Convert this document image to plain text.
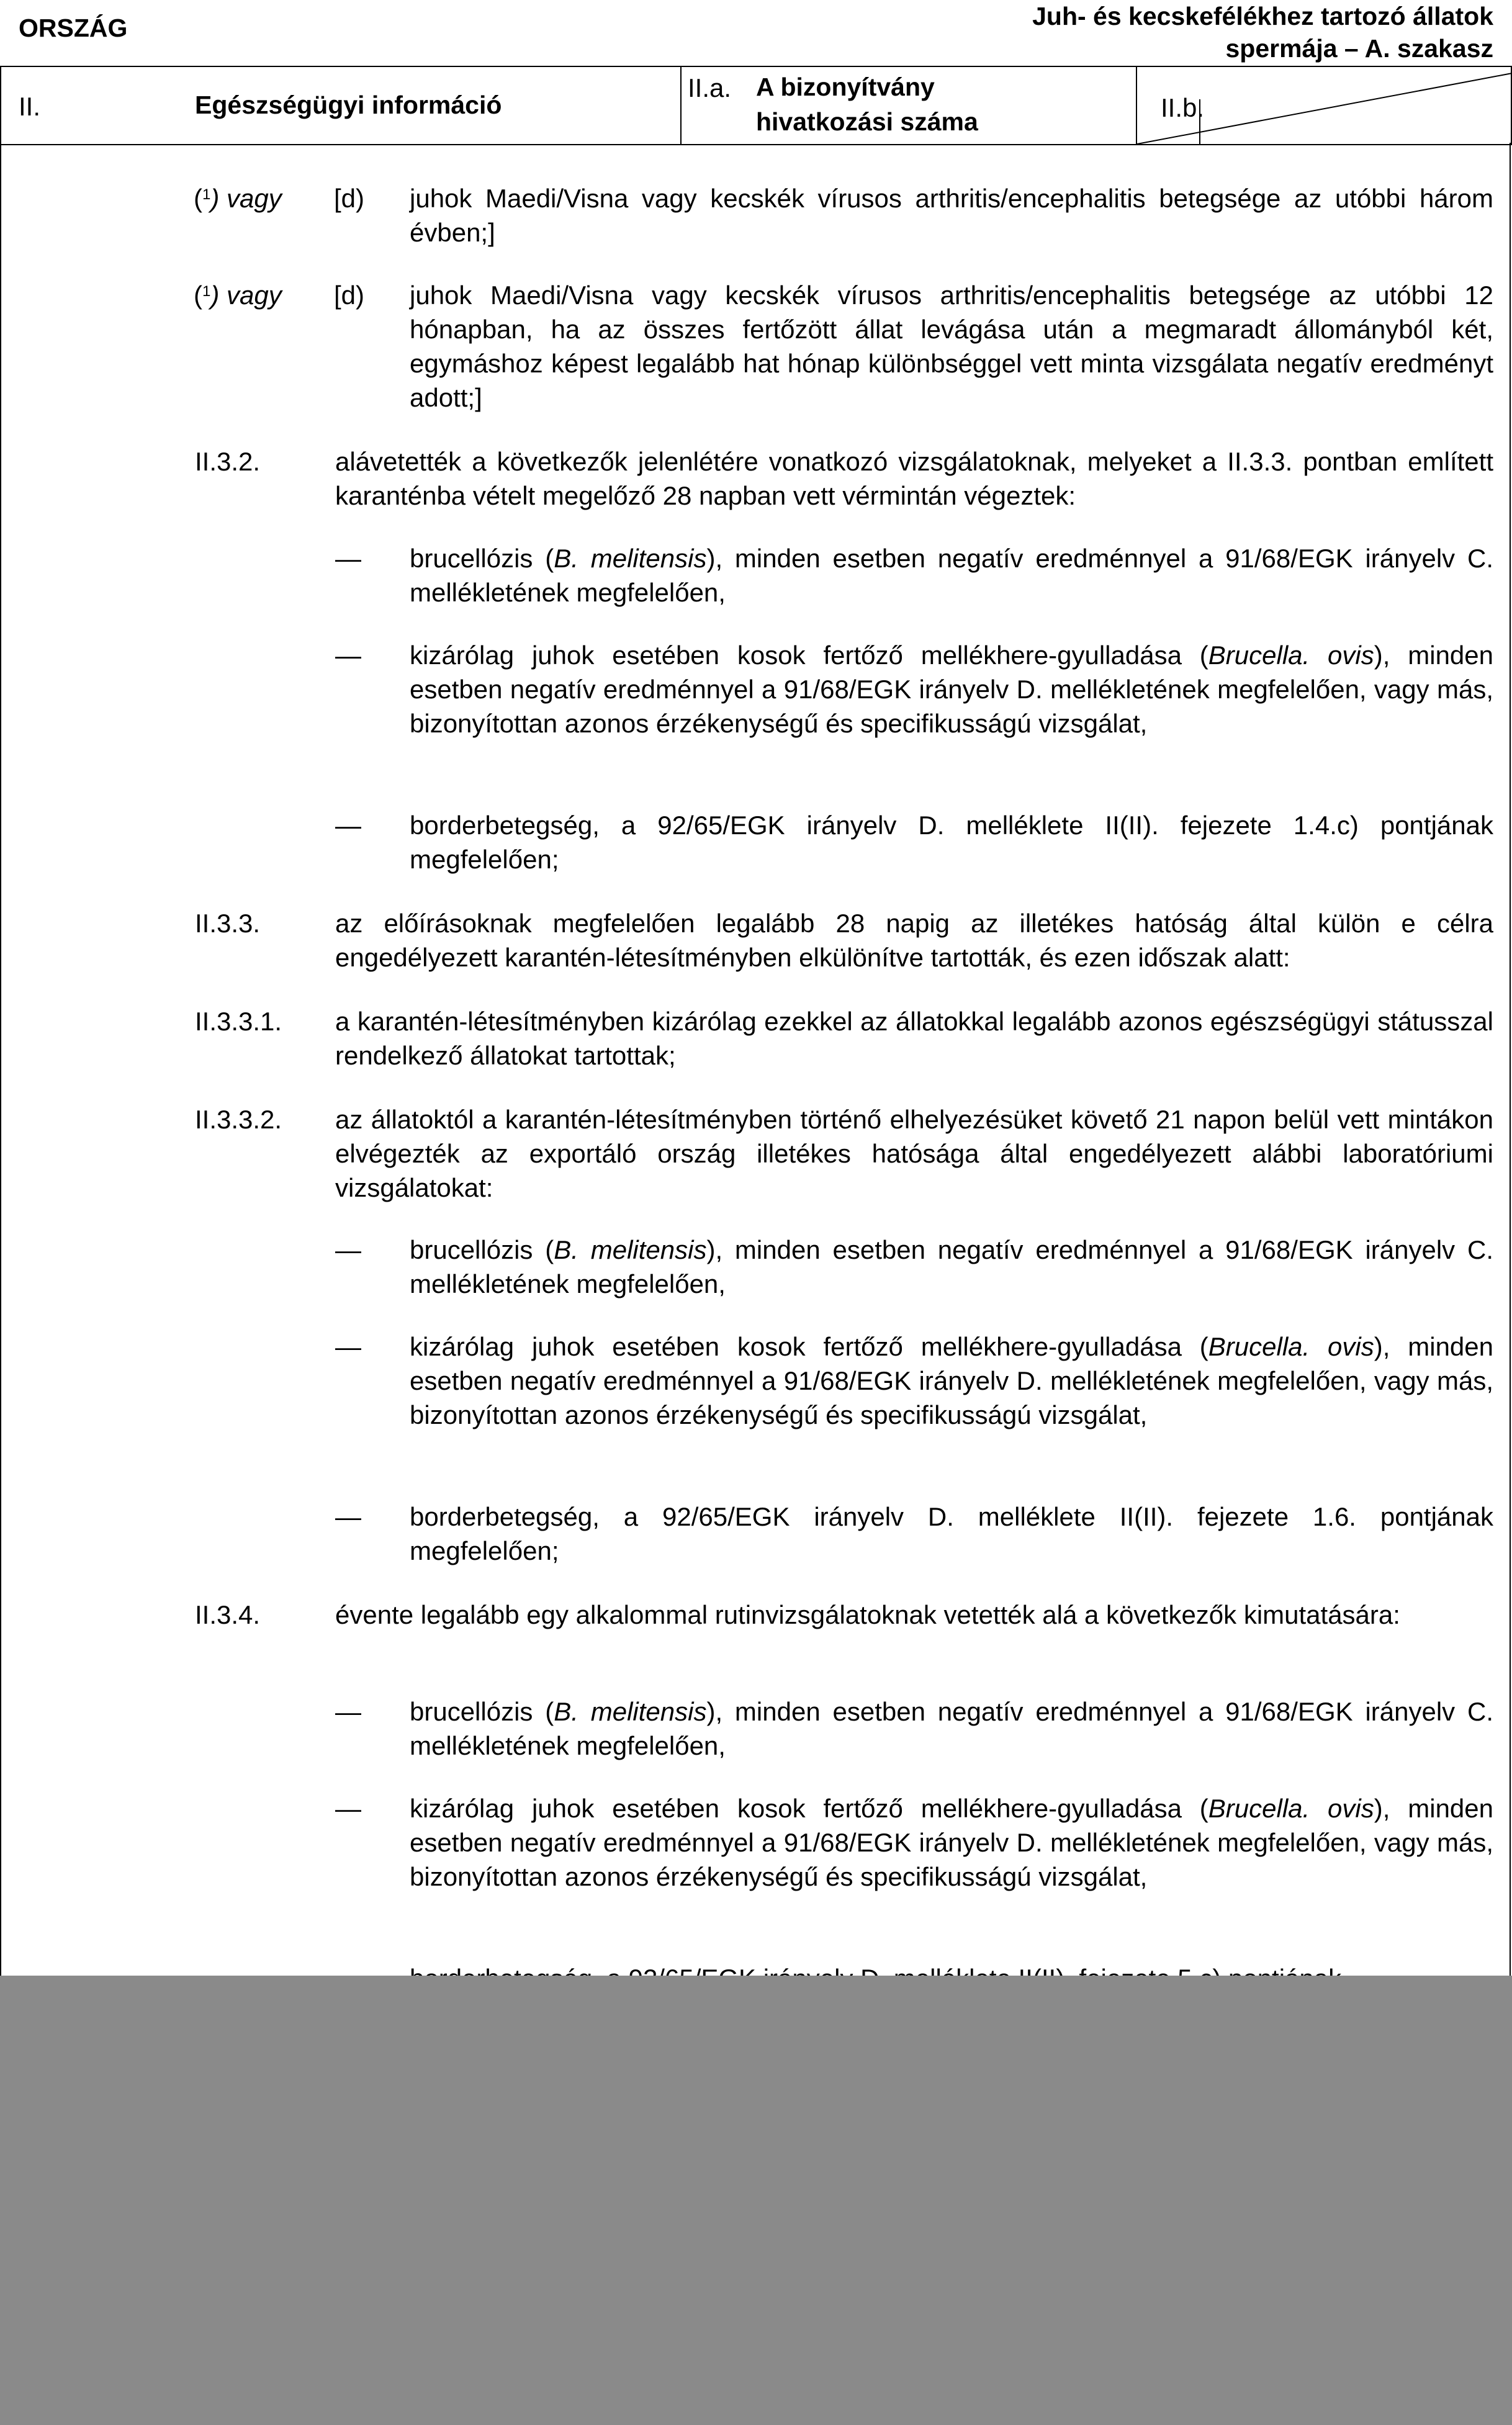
ORSZÁG	Juh- és kecskefélékhez tartozó állatok
spermája – A. szakasz
II.	Egészségügyi információ
II.a. A bizonyítvány
hivatkozási száma	II.b.
($^1$) vagy [d) juhok Maedi/Visna vagy kecskék vírusos arthritis/encephalitis betegsége az utóbbi három évben;]
($^1$) vagy [d) juhok Maedi/Visna vagy kecskék vírusos arthritis/encephalitis betegsége az utóbbi 12 hónapban, ha az összes fertőzött állat levágása után a megmaradt állományból két, egymáshoz képest legalább hat hónap különbséggel vett minta vizsgálata negatív eredményt adott;]
II.3.2.	alávetették a következők jelenlétére vonatkozó vizsgálatoknak, melyeket a II.3.3. pontban említett karanténba vételt megelőző 28 napban vett vérmintán végeztek:
— brucellózis (B. melitensis), minden esetben negatív eredménnyel a 91/68/EGK irányelv C. mellékletének megfelelően,
— kizárólag juhok esetében kosok fertőző mellékhere-gyulladása (Brucella. ovis), minden esetben negatív eredménnyel a 91/68/EGK irányelv D. mellékletének megfelelően, vagy más, bizonyítottan azonos érzékenységű és specifikusságú vizsgálat,
— borderbetegség, a 92/65/EGK irányelv D. melléklete II(II). fejezete 1.4.c) pontjának megfelelően;
II.3.3.	az előírásoknak megfelelően legalább 28 napig az illetékes hatóság által külön e célra engedélyezett karantén-létesítményben elkülönítve tartották, és ezen időszak alatt:
II.3.3.1. a karantén-létesítményben kizárólag ezekkel az állatokkal legalább azonos egészségügyi státusszal rendelkező állatokat tartottak;
II.3.3.2. az állatoktól a karantén-létesítményben történő elhelyezésüket követő 21 napon belül vett mintákon elvégezték az exportáló ország illetékes hatósága által engedélyezett alábbi laboratóriumi vizsgálatokat:
— brucellózis (B. melitensis), minden esetben negatív eredménnyel a 91/68/EGK irányelv C. mellékletének megfelelően,
— kizárólag juhok esetében kosok fertőző mellékhere-gyulladása (Brucella. ovis), minden esetben negatív eredménnyel a 91/68/EGK irányelv D. mellékletének megfelelően, vagy más, bizonyítottan azonos érzékenységű és specifikusságú vizsgálat,
— borderbetegség, a 92/65/EGK irányelv D. melléklete II(II). fejezete 1.6. pontjának megfelelően;
II.3.4.	évente legalább egy alkalommal rutinvizsgálatoknak vetették alá a következők kimutatására:
— brucellózis (B. melitensis), minden esetben negatív eredménnyel a 91/68/EGK irányelv C. mellékletének megfelelően,
— kizárólag juhok esetében kosok fertőző mellékhere-gyulladása (Brucella. ovis), minden esetben negatív eredménnyel a 91/68/EGK irányelv D. mellékletének megfelelően, vagy más, bizonyítottan azonos érzékenységű és specifikusságú vizsgálat,
